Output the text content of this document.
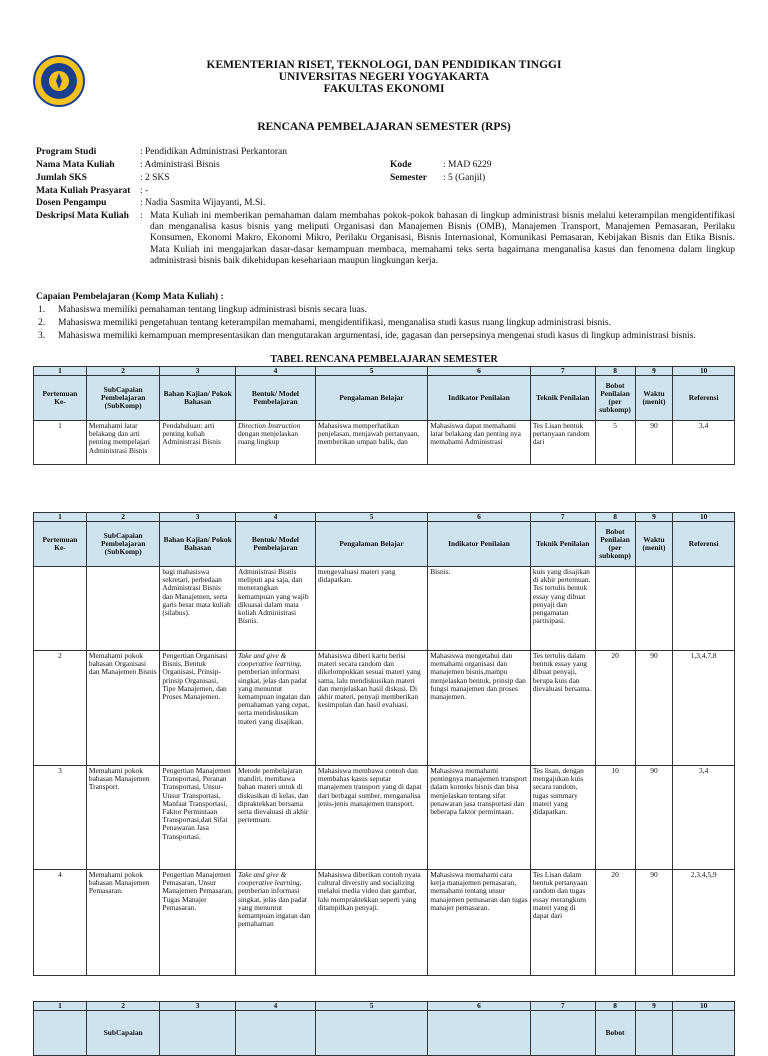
KEMENTERIAN RISET, TEKNOLOGI, DAN PENDIDIKAN TINGGI
UNIVERSITAS NEGERI YOGYAKARTA
FAKULTAS EKONOMI
RENCANA PEMBELAJARAN SEMESTER (RPS)
Program Studi	: Pendidikan Administrasi Perkantoran
Nama Mata Kuliah	: Administrasi Bisnis	Kode	: MAD 6229
Jumlah SKS	: 2 SKS	Semester : 5 (Ganjil)
Mata Kuliah Prasyarat : -
Dosen Pengampu	: Nadia Sasmita Wijayanti, M.Si.
Deskripsi Mata Kuliah : Mata Kuliah ini memberikan pemahaman dalam membahas pokok-pokok bahasan di lingkup administrasi bisnis melalui keterampilan mengidentifikasi dan menganalisa kasus bisnis yang meliputi Organisasi dan Manajemen Bisnis (OMB), Manajemen Transport, Manajemen Pemasaran, Perilaku Konsumen, Ekonomi Makro, Ekonomi Mikro, Perilaku Organisasi, Bisnis Internasional, Komunikasi Pemasaran, Kebijakan Bisnis dan Etika Bisnis. Mata Kuliah ini mengajarkan dasar-dasar kemampuan membaca, memahami teks serta bagaimana menganalisa kasus dan fenomena dalam lingkup administrasi bisnis baik dikehidupan kesehariaan maupun lingkungan kerja.
Capaian Pembelajaran (Komp Mata Kuliah) :
1. Mahasiswa memiliki pemahaman tentang lingkup administrasi bisnis secara luas.
2. Mahasiswa memiliki pengetahuan tentang keterampilan memahami, mengidentifikasi, menganalisa studi kasus ruang lingkup administrasi bisnis.
3. Mahasiswa memiliki kemampuan mempresentasikan dan mengutarakan argumentasi, ide, gagasan dan persepsinya mengenai studi kasus di lingkup administrasi bisnis.
TABEL RENCANA PEMBELAJARAN SEMESTER
1	2	3	4	5	6	7	8	9	10
Pertemuan Ke-	SubCapaian Pembelajaran (SubKomp)	Bahan Kajian/ Pokok Bahasan	Bentuk/ Model Pembelajaran	Pengalaman Belajar	Indikator Penilaian	Teknik Penilaian	Bobot Penilaian (per subkomp)	Waktu (menit)	Referensi

1	Memahami latar belakang dan arti penting mempelajari Administrasi Bisnis	Pendahuluan: arti penting kuliah Administrasi Bisnis	Direction Instruction dengan menjelaskan ruang lingkup	Mahasiswa memperhatikan penjelasan, menjawab pertanyaan, memberikan umpan balik, dan	Mahasiswa dapat memahami latar belakang dan penting nya memahami Administrasi	Tes Lisan bentuk pertanyaan random dari	5	90	3,4
1	2	3	4	5	6	7	8	9	10
Pertemuan Ke-	SubCapaian Pembelajaran (SubKomp)	Bahan Kajian/ Pokok Bahasan	Bentuk/ Model Pembelajaran	Pengalaman Belajar	Indikator Penilaian	Teknik Penilaian	Bobot Penilaian (per subkomp)	Waktu (menit)	Referensi

		bagi mahasiswa sekretari, perbedaan Administrasi Bisnis dan Manajemen, serta garis besar mata kuliah (silabus).	Administrasi Bisnis meliputi apa saja, dan menerangkan kemampuan yang wajib dikuasai dalam mata kuliah Administrasi Bisnis.	mengevaluasi materi yang didapatkan.	Bisnis.	kuis yang disajikan di akhir pertemuan. Tes tertulis bentuk essay yang dibuat penyaji dan pengamatan partisipasi.			

2	Memahami pokok bahasan Organisasi dan Manajemen Bisnis	Pengertian Organisasi Bisnis, Bentuk Organisasi, Prinsip-prinsip Organisasi, Tipe Manajemen, dan Proses Manajemen.	Take and give & cooperative learning, pemberian informasi singkat, jelas dan padat yang menuntut kemampuan ingatan dan pemahaman yang cepat, serta mendiskusikan materi yang disajikan.	Mahasiswa diberi kartu berisi materi secara random dan dikelompokkan sesuai materi yang sama, lalu mendiskusikan materi dan menjelaskan hasil diskusi. Di akhir materi, penyaji memberikan kesimpulan dan hasil evaluasi.	Mahasiswa mengetahui dan memahami organisasi dan manajemen bisnis,mampu menjelaskan bentuk, prinsip dan fungsi manajemen dan proses manajemen.	Tes tertulis dalam bentuk essay yang dibuat penyaji, berupa kuis dan dievaluasi bersama.	20	90	1,3,4,7,8

3	Memahami pokok bahasan Manajemen Transport.	Pengertian Manajemen Transportasi, Peranan Transportasi, Unsur-Unsur Transportasi, Manfaat Transportasi, Faktor Permintaan Transportasi,dan Sifat Penawaran Jasa Transportasi.	Metode pembelajaran mandiri, membawa bahan materi untuk di diskusikan di kelas, dan dipraktekkan bersama serta dievaluasi di akhir pertemuan.	Mahasiswa membawa contoh dan membahas kasus seputar manajemen transport yang di dapat dari berbagai sumber, menganalisa jenis-jenis manajemen transport.	Mahasiswa memahami pentingnya manajemen transport dalam konteks bisnis dan bisa menjelaskan tentang sifat penawaran jasa transportasi dan beberapa faktor permintaan.	Tes lisan, dengan mengajukan kuis secara random, tugas summary materi yang didapatkan.	10	90	3,4

4	Memahami pokok bahasan Manajemen Pemasaran.	Pengertian Manajemen Pemasaran, Unsur Manajemen Pemasaran, Tugas Manajer Pemasaran.	Take and give & cooperative learning, pemberian informasi singkat, jelas dan padat yang menuntut kemampuan ingatan dan pemahaman	Mahasiswa diberikan contoh nyata cultural diversity and socializing melalui media video dan gambar, lalu mempraktekkan seperti yang ditampilkan penyaji.	Mahasiswa memahami cara kerja manajemen pemasaran, memahami tentang unsur manajemen pemasaran dan tugas manajer pemasaran.	Tes Lisan dalam bentuk pertanyaan random dan tugas essay merangkum materi yang di dapat dari	20	90	2,3,4,5,9
1	2	3	4	5	6	7	8	9	10
	SubCapaian						Bobot		
